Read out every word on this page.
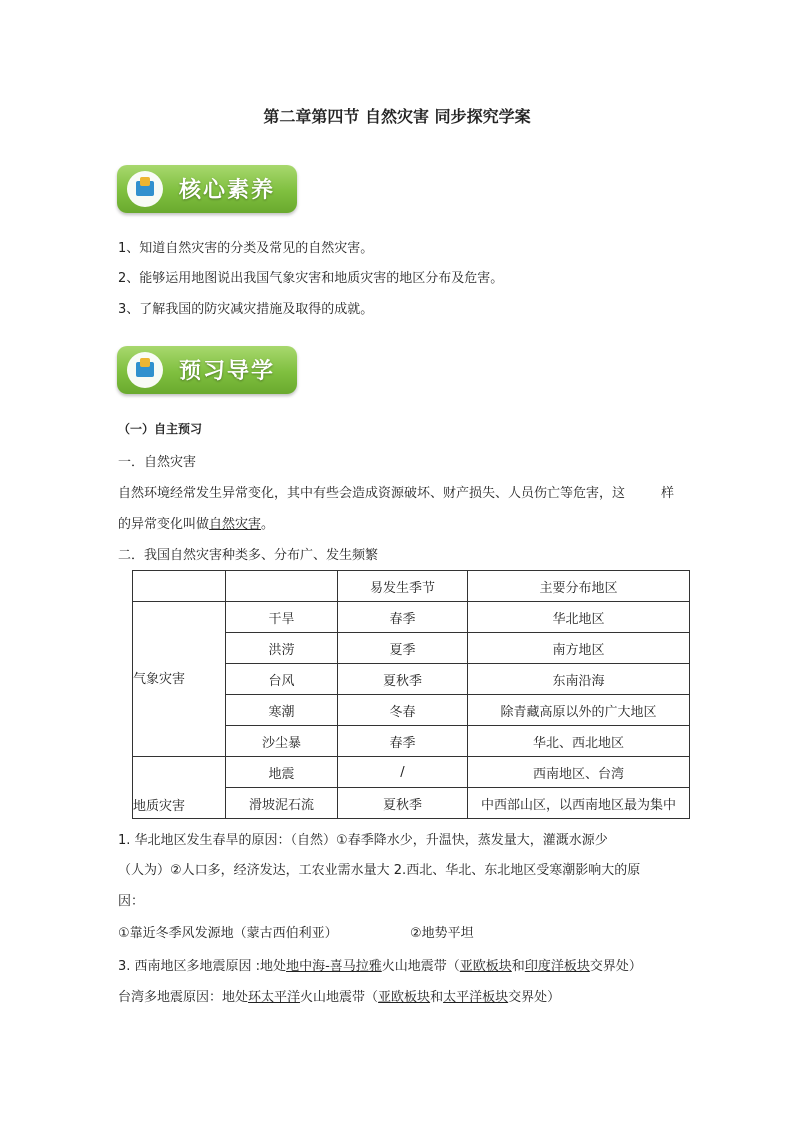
第二章第四节 自然灾害 同步探究学案
核心素养
1、知道自然灾害的分类及常见的自然灾害。
2、能够运用地图说出我国气象灾害和地质灾害的地区分布及危害。
3、了解我国的防灾减灾措施及取得的成就。
预习导学
（一）自主预习
一．自然灾害
自然环境经常发生异常变化，其中有些会造成资源破坏、财产损失、人员伤亡等危害，这	样
的异常变化叫做自然灾害。
二．我国自然灾害种类多、分布广、发生频繁
		易发生季节	主要分布地区
气象灾害	干旱	春季	华北地区
	洪涝	夏季	南方地区
	台风	夏秋季	东南沿海
	寒潮	冬春	除青藏高原以外的广大地区
	沙尘暴	春季	华北、西北地区
地质灾害	地震	/	西南地区、台湾
	滑坡泥石流	夏秋季	中西部山区，以西南地区最为集中
1. 华北地区发生春旱的原因：（自然）①春季降水少，升温快，蒸发量大，灌溉水源少
（人为）②人口多，经济发达，工农业需水量大 2.西北、华北、东北地区受寒潮影响大的原
因：
①靠近冬季风发源地（蒙古西伯利亚）	②地势平坦
3. 西南地区多地震原因 :地处地中海-喜马拉雅火山地震带（亚欧板块和印度洋板块交界处）
台湾多地震原因：地处环太平洋火山地震带（亚欧板块和太平洋板块交界处）
